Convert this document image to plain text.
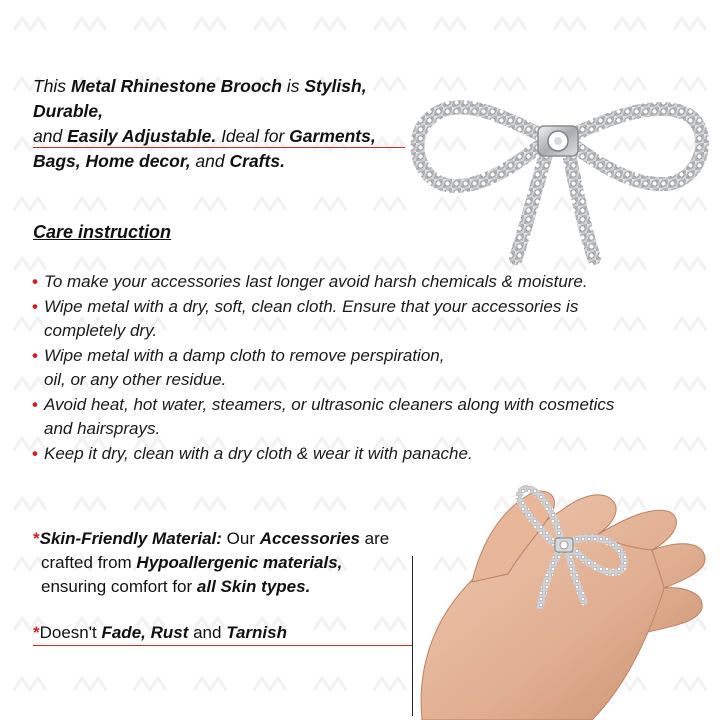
This Metal Rhinestone Brooch is Stylish, Durable,
and Easily Adjustable. Ideal for Garments,
Bags, Home decor, and Crafts.
Care instruction
• To make your accessories last longer avoid harsh chemicals & moisture.
• Wipe metal with a dry, soft, clean cloth. Ensure that your accessories is
completely dry.
• Wipe metal with a damp cloth to remove perspiration,
oil, or any other residue.
• Avoid heat, hot water, steamers, or ultrasonic cleaners along with cosmetics
and hairsprays.
• Keep it dry, clean with a dry cloth & wear it with panache.
*Skin-Friendly Material: Our Accessories are
crafted from Hypoallergenic materials,
ensuring comfort for all Skin types.
*Doesn't Fade, Rust and Tarnish
